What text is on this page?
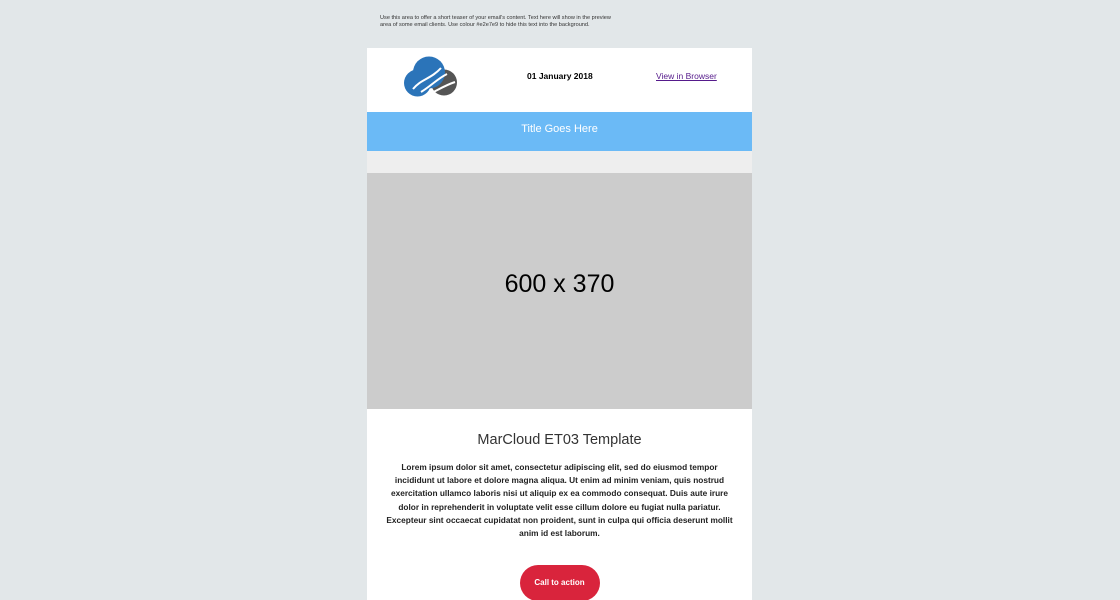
Use this area to offer a short teaser of your email's content. Text here will show in the preview area of some email clients. Use colour #e2e7e9 to hide this text into the background.
01 January 2018	View in Browser
Title Goes Here
600 x 370
MarCloud ET03 Template

Lorem ipsum dolor sit amet, consectetur adipiscing elit, sed do eiusmod tempor incididunt ut labore et dolore magna aliqua. Ut enim ad minim veniam, quis nostrud exercitation ullamco laboris nisi ut aliquip ex ea commodo consequat. Duis aute irure dolor in reprehenderit in voluptate velit esse cillum dolore eu fugiat nulla pariatur. Excepteur sint occaecat cupidatat non proident, sunt in culpa qui officia deserunt mollit anim id est laborum.

Call to action
